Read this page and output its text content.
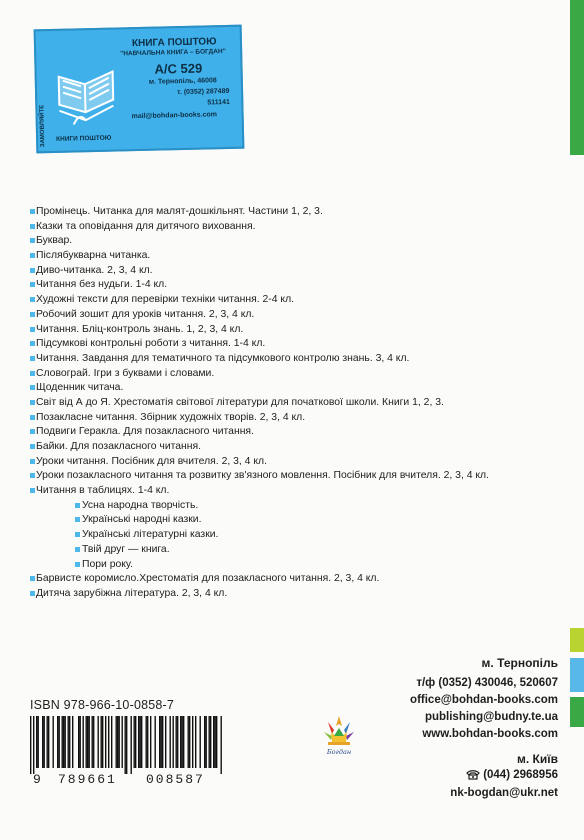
ЗАМОВЛЯЙТЕ	КНИГИ ПОШТОЮ
КНИГА ПОШТОЮ
"НАВЧАЛЬНА КНИГА – БОГДАН"
А/С 529
м. Тернопіль, 46008
т. (0352) 287489
511141
mail@bohdan-books.com
Промінець. Читанка для малят-дошкільнят. Частини 1, 2, 3.
Казки та оповідання для дитячого виховання.
Буквар.
Післябукварна читанка.
Диво-читанка. 2, 3, 4 кл.
Читання без нудьги. 1-4 кл.
Художні тексти для перевірки техніки читання. 2-4 кл.
Робочий зошит для уроків читання. 2, 3, 4 кл.
Читання. Бліц-контроль знань. 1, 2, 3, 4 кл.
Підсумкові контрольні роботи з читання. 1-4 кл.
Читання. Завдання для тематичного та підсумкового контролю знань. 3, 4 кл.
Словограй. Ігри з буквами і словами.
Щоденник читача.
Світ від А до Я. Хрестоматія світової літератури для початкової школи. Книги 1, 2, 3.
Позакласне читання. Збірник художніх творів. 2, 3, 4 кл.
Подвиги Геракла. Для позакласного читання.
Байки. Для позакласного читання.
Уроки читання. Посібник для вчителя. 2, 3, 4 кл.
Уроки позакласного читання та розвитку зв'язного мовлення. Посібник для вчителя. 2, 3, 4 кл.
Читання в таблицях. 1-4 кл.
Усна народна творчість.
Українські народні казки.
Українські літературні казки.
Твій друг — книга.
Пори року.
Барвисте коромисло.Хрестоматія для позакласного читання. 2, 3, 4 кл.
Дитяча зарубіжна література. 2, 3, 4 кл.
ISBN 978-966-10-0858-7
9 789661 008587
Богдан
м. Тернопіль
т/ф (0352) 430046, 520607
office@bohdan-books.com
publishing@budny.te.ua
www.bohdan-books.com
м. Київ
(044) 2968956
nk-bogdan@ukr.net
